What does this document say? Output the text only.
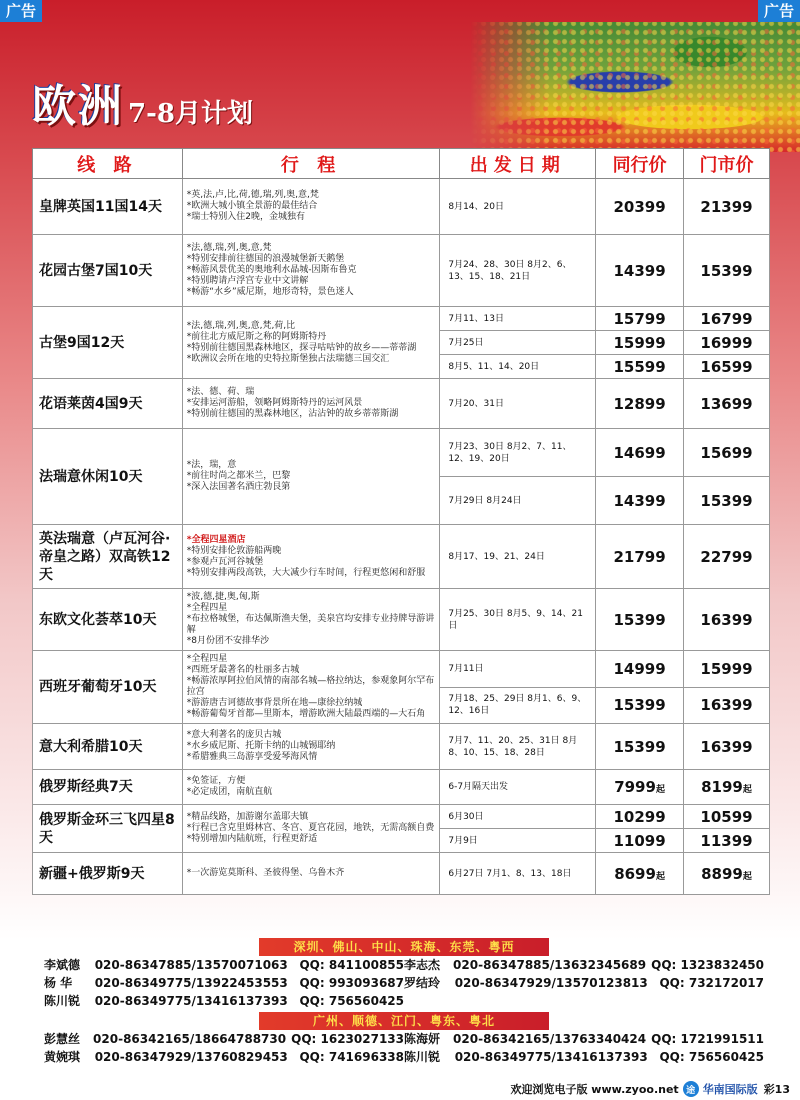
广告	广告
欧洲 7-8月计划
线 路	行 程	出发日期	同行价	门市价
皇牌英国11国14天	*英,法,卢,比,荷,德,瑞,列,奥,意,梵
*欧洲大城小镇全景游的最佳结合
*瑞士特别入住2晚，金城独有	8月14、20日	20399	21399
花园古堡7国10天	*法,德,瑞,列,奥,意,梵
*特别安排前往德国的浪漫城堡新天鹅堡
*畅游风景优美的奥地利水晶城-因斯布鲁克
*特别聘请卢浮宫专业中文讲解
*畅游“水乡”威尼斯，地形奇特，景色迷人	7月24、28、30日 8月2、6、13、15、18、21日	14399	15399
古堡9国12天	*法,德,瑞,列,奥,意,梵,荷,比
*前往北方威尼斯之称的阿姆斯特丹
*特别前往德国黑森林地区，探寻咕咕钟的故乡——蒂蒂湖
*欧洲议会所在地的史特拉斯堡独占法瑞德三国交汇	7月11、13日	15799	16799
		7月25日	15999	16999
		8月5、11、14、20日	15599	16599
花语莱茵4国9天	*法、德、荷、瑞
*安排运河游船，领略阿姆斯特丹的运河风景
*特别前往德国的黑森林地区，沾沾钟的故乡蒂蒂斯湖	7月20、31日	12899	13699
法瑞意休闲10天	*法，瑞，意
*前往时尚之都米兰，巴黎
*深入法国著名酒庄勃艮第	7月23、30日 8月2、7、11、12、19、20日	14699	15699
		7月29日 8月24日	14399	15399
英法瑞意（卢瓦河谷·帝皇之路）双高铁12天	*全程四星酒店
*特别安排伦敦游船两晚
*参观卢瓦河谷城堡
*特别安排两段高铁，大大减少行车时间，行程更悠闲和舒服	8月17、19、21、24日	21799	22799
东欧文化荟萃10天	*波,德,捷,奥,匈,斯
*全程四星
*布拉格城堡，布达佩斯渔夫堡，美泉宫均安排专业持牌导游讲解
*8月份团不安排华沙	7月25、30日 8月5、9、14、21日	15399	16399
西班牙葡萄牙10天	*全程四星
*西班牙最著名的杜丽多古城
*畅游浓厚阿拉伯风情的南部名城—格拉纳达，参观象阿尔罕布拉宫
*游游唐吉诃德故事背景所在地—康徐拉纳城
*畅游葡萄牙首都—里斯本，增游欧洲大陆最西端的—大石角	7月11日	14999	15999
		7月18、25、29日 8月1、6、9、12、16日	15399	16399
意大利希腊10天	*意大利著名的庞贝古城
*水乡威尼斯、托斯卡纳的山城锡耶纳
*希腊雅典三岛游享受爱琴海风情	7月7、11、20、25、31日 8月8、10、15、18、28日	15399	16399
俄罗斯经典7天	*免签证，方便
*必定成团，南航直航	6-7月隔天出发	7999起	8199起
俄罗斯金环三飞四星8天	*精品线路，加游谢尔盖耶夫镇
*行程已含克里姆林宫、冬宫、夏宫花园，地铁，无需高额自费
*特别增加内陆航班，行程更舒适	6月30日	10299	10599
		7月9日	11099	11399
新疆+俄罗斯9天	*一次游览莫斯科、圣彼得堡、乌鲁木齐	6月27日 7月1、8、13、18日	8699起	8899起
深圳、佛山、中山、珠海、东莞、粤西
李斌德	020-86347885/13570071063 QQ: 841100855 李志杰	020-86347885/13632345689 QQ: 1323832450
杨 华	020-86349775/13922453553 QQ: 993093687 罗结玲	020-86347929/13570123813 QQ: 732172017
陈川锐	020-86349775/13416137393 QQ: 756560425
广州、顺德、江门、粤东、粤北
彭慧丝	020-86342165/18664788730 QQ: 1623027133 陈海妍	020-86342165/13763340424 QQ: 1721991511
黄婉琪	020-86347929/13760829453 QQ: 741696338 陈川锐	020-86349775/13416137393 QQ: 756560425
欢迎浏览电子版 www.zyoo.net 途 华南国际版 彩13
